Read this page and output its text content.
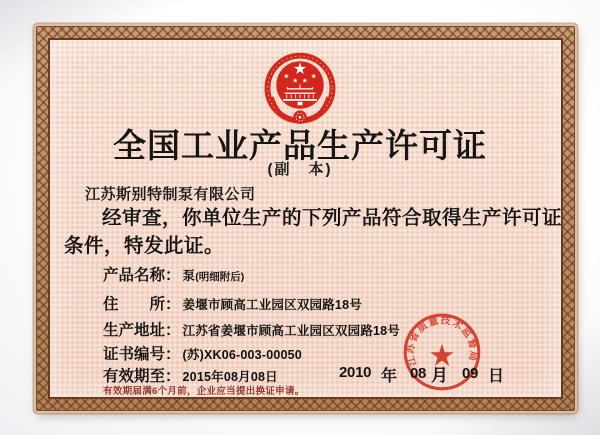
全国工业产品生产许可证
(副　本)
江苏斯别特制泵有限公司
经审查，你单位生产的下列产品符合取得生产许可证
条件，特发此证。
产品名称： 泵 (明细附后)
住　　所： 姜堰市顾高工业园区双园路18号
生产地址： 江苏省姜堰市顾高工业园区双园路18号
证书编号： (苏)XK06-003-00050
有效期至： 2015年08月08日
有效期届满6个月前，企业应当提出换证申请。
2010 年 08 月 09 日
江苏省质量技术监督局
